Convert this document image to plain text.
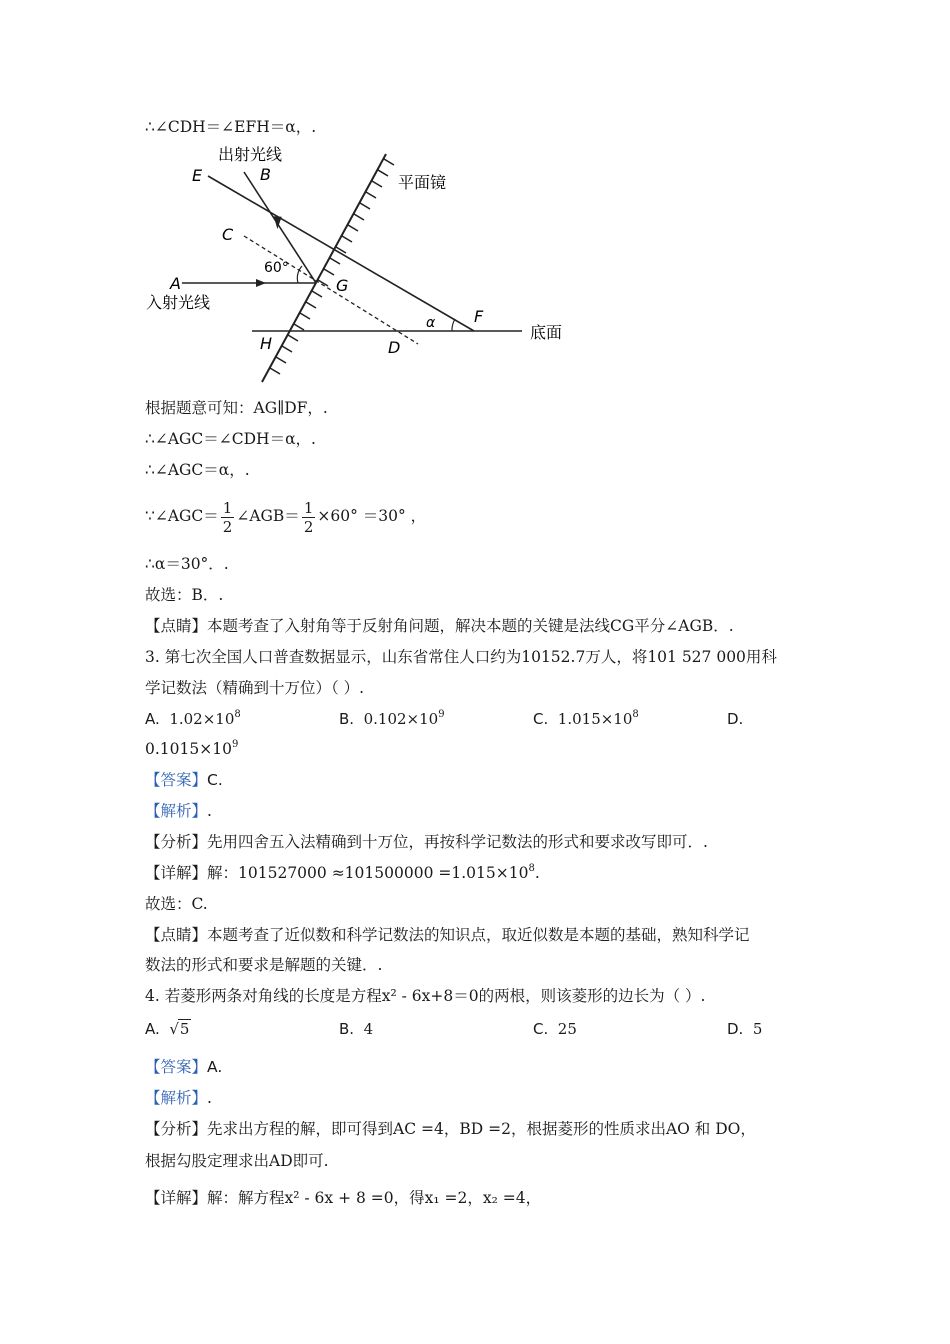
∴∠CDH＝∠EFH＝α，.
出射光线
平面镜
入射光线
底面
E	B
C
A	G
H	D
F
60°
α
根据题意可知：AG∥DF，.
∴∠AGC＝∠CDH＝α，.
∴∠AGC＝α，.
∵∠AGC＝ $\frac{1}{2}$ ∠AGB＝ $\frac{1}{2} \times 60^\circ =30^\circ$ ，
∴α＝30°．.
故选：B．.
【点睛】本题考查了入射角等于反射角问题，解决本题的关键是法线CG平分∠AGB．.
3. 第七次全国人口普查数据显示，山东省常住人口约为10152.7万人，将101 527 000用科
学记数法（精确到十万位）（ ）.
A. $1.02\times 10^8$	B. $0.102\times 10^9$	C. $1.015\times 10^8$	D.
$0.1015\times 10^9$
【答案】C.
【解析】.
【分析】先用四舍五入法精确到十万位，再按科学记数法的形式和要求改写即可．.
【详解】解：$101527000 \approx 101500000 =1.015\times 10^8$.
故选：C.
【点睛】本题考查了近似数和科学记数法的知识点，取近似数是本题的基础，熟知科学记
数法的形式和要求是解题的关键．.
4. 若菱形两条对角线的长度是方程x² - 6x+8＝0的两根，则该菱形的边长为（ ）.
A. √5	B. 4	C. 25	D. 5
【答案】A.
【解析】.
【分析】先求出方程的解，即可得到AC =4，BD =2，根据菱形的性质求出AO 和 DO，
根据勾股定理求出AD即可.
【详解】解：解方程x² - 6x + 8 =0，得x₁ =2，x₂ =4，
